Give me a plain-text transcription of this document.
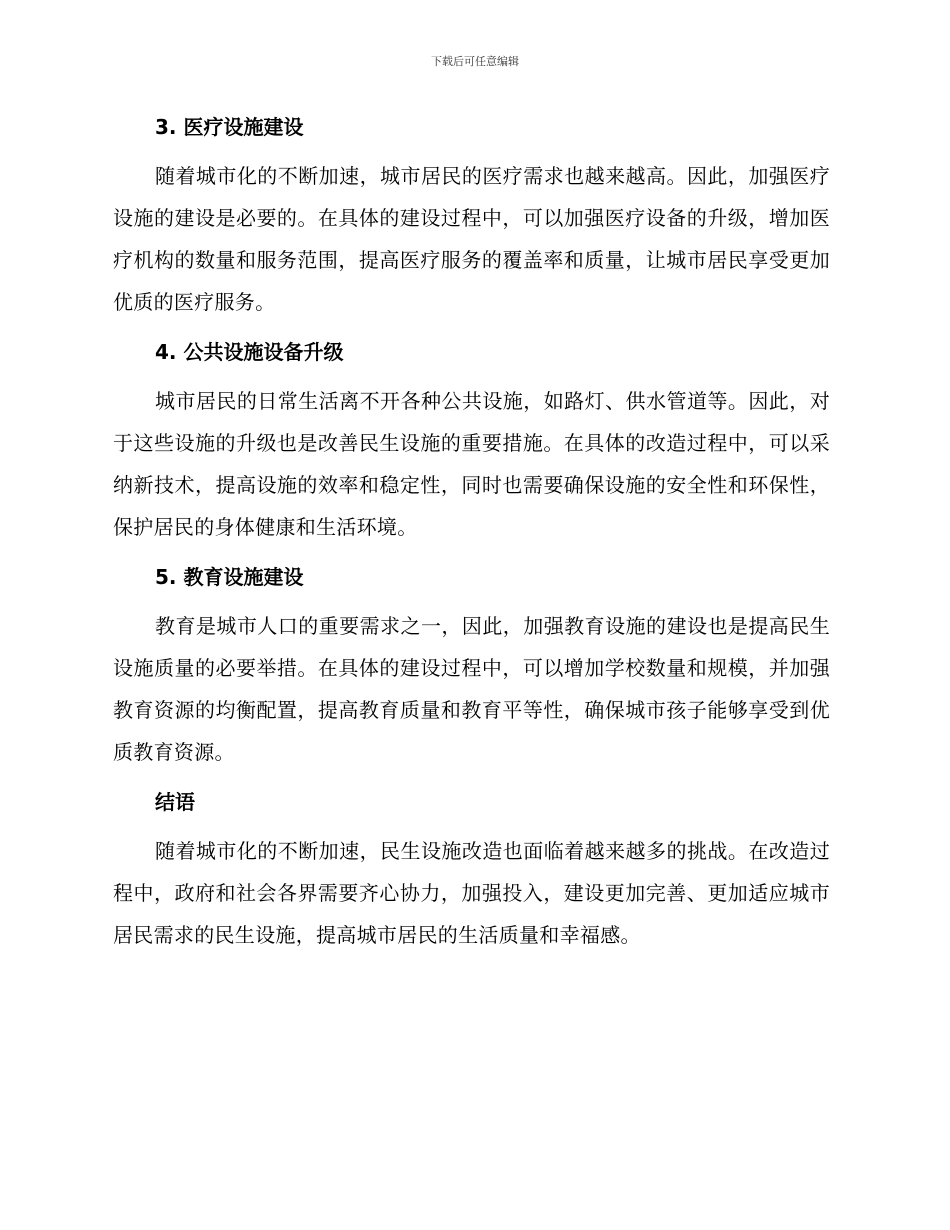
下载后可任意编辑
3. 医疗设施建设

随着城市化的不断加速，城市居民的医疗需求也越来越高。因此，加强医疗设施的建设是必要的。在具体的建设过程中，可以加强医疗设备的升级，增加医疗机构的数量和服务范围，提高医疗服务的覆盖率和质量，让城市居民享受更加优质的医疗服务。

4. 公共设施设备升级

城市居民的日常生活离不开各种公共设施，如路灯、供水管道等。因此，对于这些设施的升级也是改善民生设施的重要措施。在具体的改造过程中，可以采纳新技术，提高设施的效率和稳定性，同时也需要确保设施的安全性和环保性，保护居民的身体健康和生活环境。

5. 教育设施建设

教育是城市人口的重要需求之一，因此，加强教育设施的建设也是提高民生设施质量的必要举措。在具体的建设过程中，可以增加学校数量和规模，并加强教育资源的均衡配置，提高教育质量和教育平等性，确保城市孩子能够享受到优质教育资源。

结语

随着城市化的不断加速，民生设施改造也面临着越来越多的挑战。在改造过程中，政府和社会各界需要齐心协力，加强投入，建设更加完善、更加适应城市居民需求的民生设施，提高城市居民的生活质量和幸福感。
